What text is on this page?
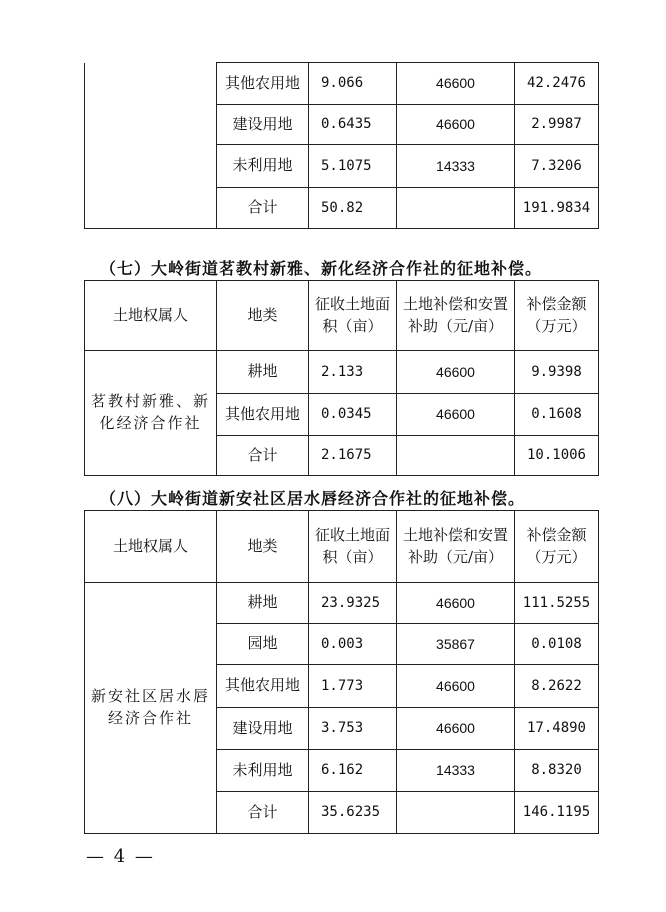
	其他农用地	9.066	46600	42.2476
	建设用地	0.6435	46600	2.9987
	未利用地	5.1075	14333	7.3206
	合计	50.82		191.9834
（七）大岭街道茗教村新雅、新化经济合作社的征地补偿。
土地权属人	地类	征收土地面积（亩）	土地补偿和安置补助（元/亩）	补偿金额（万元）
茗教村新雅、新化经济合作社	耕地	2.133	46600	9.9398
	其他农用地	0.0345	46600	0.1608
	合计	2.1675		10.1006
（八）大岭街道新安社区居水唇经济合作社的征地补偿。
土地权属人	地类	征收土地面积（亩）	土地补偿和安置补助（元/亩）	补偿金额（万元）
新安社区居水唇经济合作社	耕地	23.9325	46600	111.5255
	园地	0.003	35867	0.0108
	其他农用地	1.773	46600	8.2622
	建设用地	3.753	46600	17.4890
	未利用地	6.162	14333	8.8320
	合计	35.6235		146.1195
— 4 —
